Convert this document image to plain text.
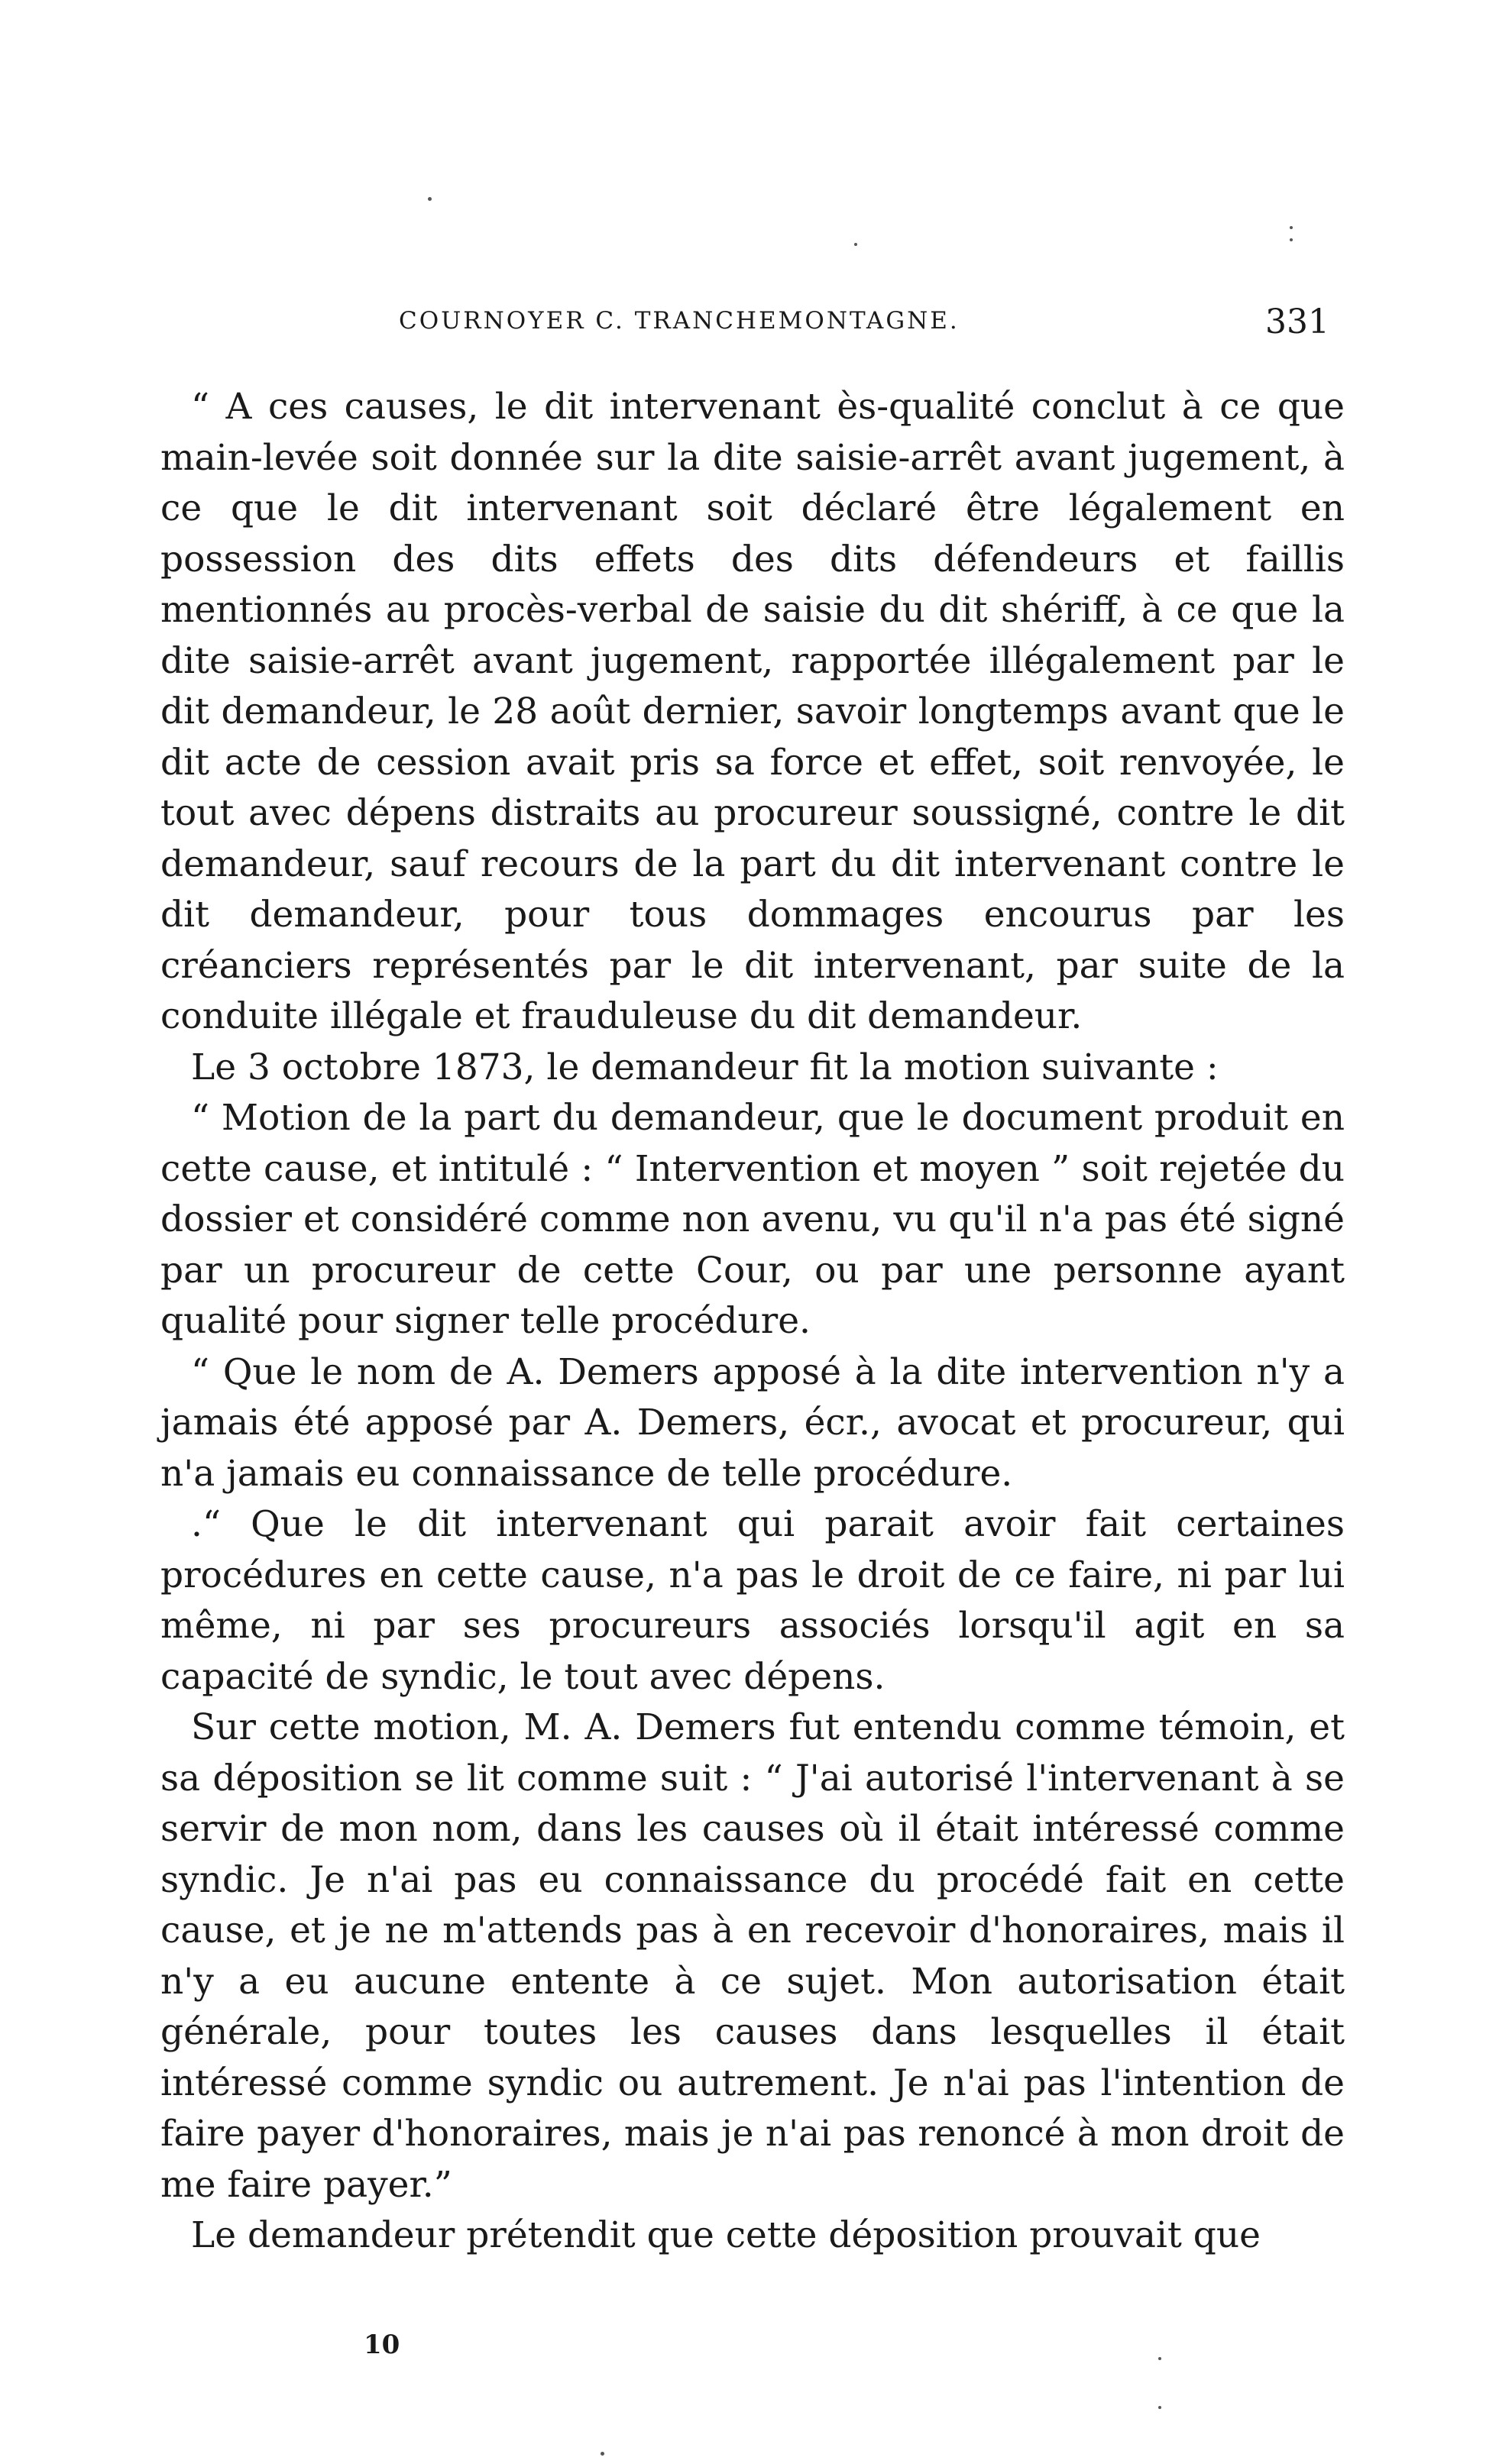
COURNOYER C. TRANCHEMONTAGNE.	331

“ A ces causes, le dit intervenant ès-qualité conclut à ce que main-levée soit donnée sur la dite saisie-arrêt avant jugement, à ce que le dit intervenant soit déclaré être légalement en possession des dits effets des dits défendeurs et faillis mentionnés au procès-verbal de saisie du dit shériff, à ce que la dite saisie-arrêt avant jugement, rapportée illégalement par le dit demandeur, le 28 août dernier, savoir longtemps avant que le dit acte de cession avait pris sa force et effet, soit renvoyée, le tout avec dépens distraits au procureur soussigné, contre le dit demandeur, sauf recours de la part du dit intervenant contre le dit demandeur, pour tous dommages encourus par les créanciers représentés par le dit intervenant, par suite de la conduite illégale et frauduleuse du dit demandeur.

Le 3 octobre 1873, le demandeur fit la motion suivante :

“ Motion de la part du demandeur, que le document produit en cette cause, et intitulé : “ Intervention et moyen ” soit rejetée du dossier et considéré comme non avenu, vu qu'il n'a pas été signé par un procureur de cette Cour, ou par une personne ayant qualité pour signer telle procédure.

“ Que le nom de A. Demers apposé à la dite intervention n'y a jamais été apposé par A. Demers, écr., avocat et procureur, qui n'a jamais eu connaissance de telle procédure.

.“ Que le dit intervenant qui parait avoir fait certaines procédures en cette cause, n'a pas le droit de ce faire, ni par lui même, ni par ses procureurs associés lorsqu'il agit en sa capacité de syndic, le tout avec dépens.

Sur cette motion, M. A. Demers fut entendu comme témoin, et sa déposition se lit comme suit : “ J'ai autorisé l'intervenant à se servir de mon nom, dans les causes où il était intéressé comme syndic. Je n'ai pas eu connaissance du procédé fait en cette cause, et je ne m'attends pas à en recevoir d'honoraires, mais il n'y a eu aucune entente à ce sujet. Mon autorisation était générale, pour toutes les causes dans lesquelles il était intéressé comme syndic ou autrement. Je n'ai pas l'intention de faire payer d'honoraires, mais je n'ai pas renoncé à mon droit de me faire payer.”

Le demandeur prétendit que cette déposition prouvait que

10
